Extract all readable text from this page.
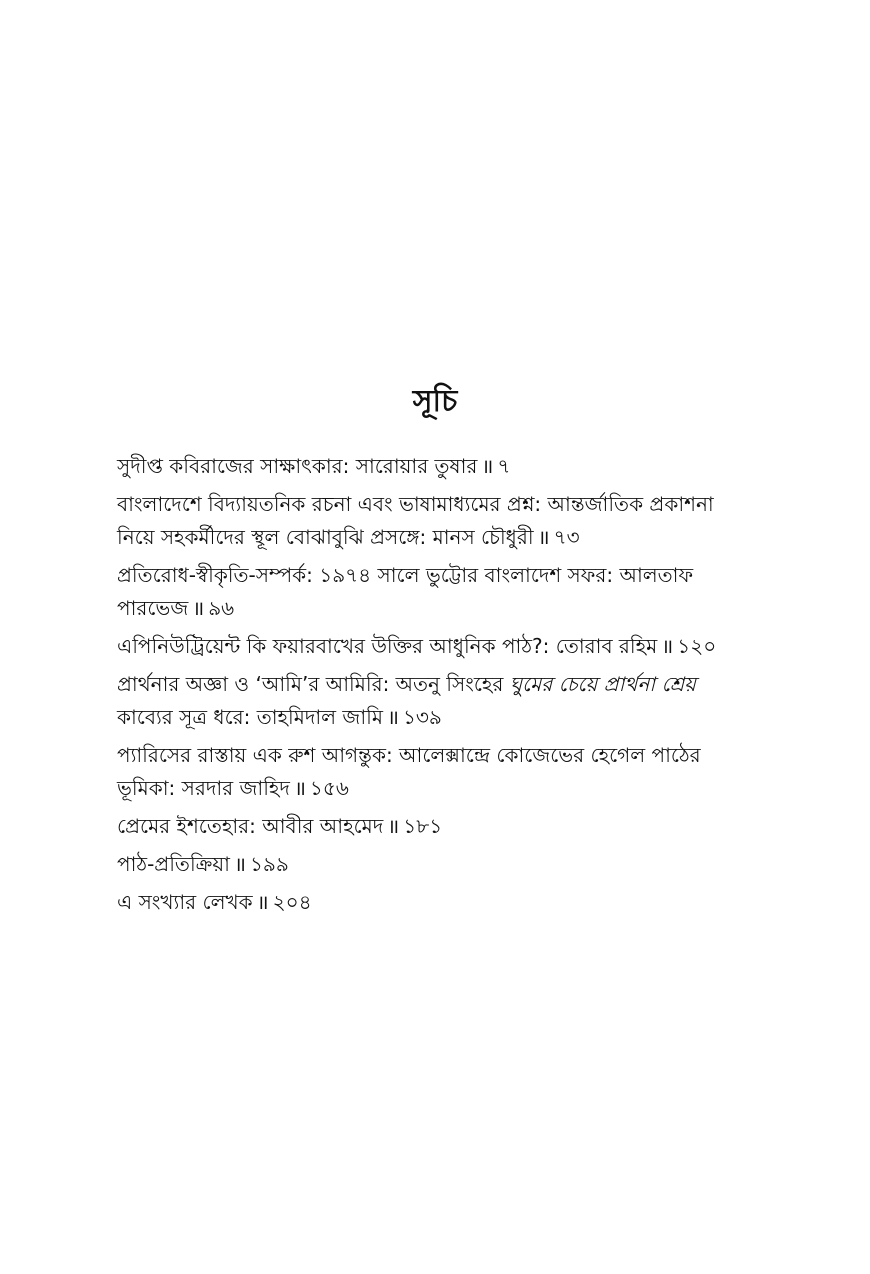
সূচি
সুদীপ্ত কবিরাজের সাক্ষাৎকার: সারোয়ার তুষার ॥ ৭
বাংলাদেশে বিদ্যায়তনিক রচনা এবং ভাষামাধ্যমের প্রশ্ন: আন্তর্জাতিক প্রকাশনা নিয়ে সহকর্মীদের স্থূল বোঝাবুঝি প্রসঙ্গে: মানস চৌধুরী ॥ ৭৩
প্রতিরোধ-স্বীকৃতি-সম্পর্ক: ১৯৭৪ সালে ভুট্টোর বাংলাদেশ সফর: আলতাফ পারভেজ ॥ ৯৬
এপিনিউট্রিয়েন্ট কি ফয়ারবাখের উক্তির আধুনিক পাঠ?: তোরাব রহিম ॥ ১২০
প্রার্থনার অজ্ঞা ও ‘আমি’র আমিরি: অতনু সিংহের ঘুমের চেয়ে প্রার্থনা শ্রেয় কাব্যের সূত্র ধরে: তাহমিদাল জামি ॥ ১৩৯
প্যারিসের রাস্তায় এক রুশ আগন্তুক: আলেক্সান্দ্রে কোজেভের হেগেল পাঠের ভূমিকা: সরদার জাহিদ ॥ ১৫৬
প্রেমের ইশতেহার: আবীর আহমেদ ॥ ১৮১
পাঠ-প্রতিক্রিয়া ॥ ১৯৯
এ সংখ্যার লেখক ॥ ২০৪
